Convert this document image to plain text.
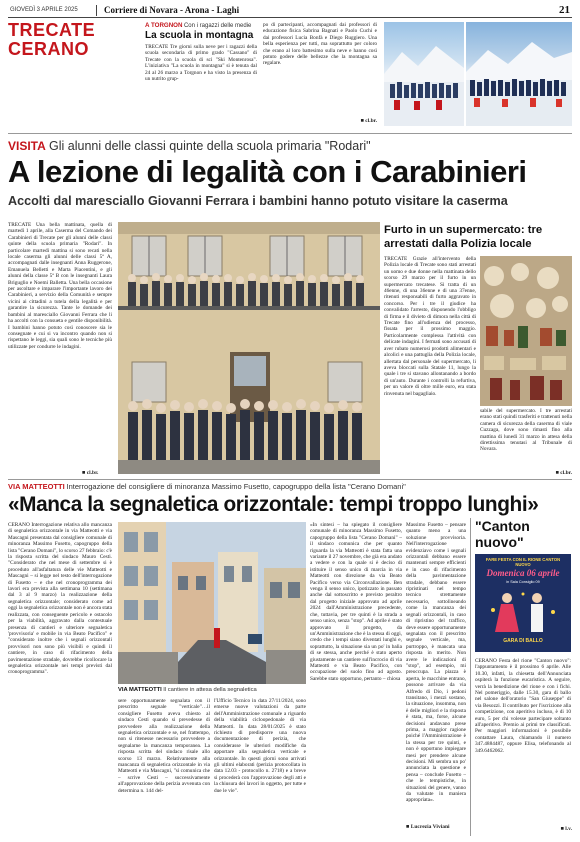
GIOVEDÌ 3 APRILE 2025	Corriere di Novara - Arona - Laghi	21
TRECATE
CERANO
A TORGNON Con i ragazzi delle medie
La scuola in montagna
TRECATE Tre giorni sulla neve per i ragazzi della scuola secondaria di primo grado "Cassano" di Trecate con la scuola di sci "Ski Montenrosa". L'iniziativa "La scuola in montagna" si è tenuta dal 24 al 26 marzo a Torgnon e ha visto la presenza di un nutrito grup-
po di partecipanti, accompagnati dai professori di educazione fisica Sabrina Bagnati e Paolo Cuchi e dai professori Lucia Bonfà e Diego Ruggiero. Una bella esperienza per tutti, ma soprattutto per coloro che erano al loro battesimo sulla neve e hanno così potuto godere delle bellezze che la montagna sa regalare.
■ cl.br.
VISITA Gli alunni delle classi quinte della scuola primaria "Rodari"
A lezione di legalità con i Carabinieri
Accolti dal maresciallo Giovanni Ferrara i bambini hanno potuto visitare la caserma
TRECATE Una bella mattinata, quella di martedì 1 aprile, alla Caserma del Comando dei Carabinieri di Trecate per gli alunni delle classi quinte della scuola primaria "Rodari". In particolare martedì mattina si sono recati nella locale caserma gli alunni delle classi 5ª A, accompagnati dalle insegnanti Anna Ruggerone, Emanuela Belletti e Marta Piacentini, e gli alunni della classe 5ª B con le insegnanti Laura Briguglio e Noemi Balletta. Una bella occasione per ascoltare e imparare l'importante lavoro dei Carabinieri, a servizio della Comunità e sempre vicini ai cittadini a tutela della legalità e per garantire la sicurezza. Tante le domande dei bambini al maresciallo Giovanni Ferrara che li ha accolti con la consueta e gentile disponibilità. I bambini hanno potuto così conoscere sia le consegnate e cui si va incontro quando non si rispettano le leggi, sia quali sono le tecniche più utilizzate per condurre le indagini.
■ cl.br.
Furto in un supermercato: tre arrestati dalla Polizia locale
TRECATE Grazie all'intervento della Polizia locale di Trecate sono stati arrestati un uomo e due donne nella mattinata dello scorso 29 marzo per il furto in un supermercato trecatese. Si tratta di un 46enne, di una 36enne e di una 37enne, ritenuti responsabili di furto aggravato in concorso. Per i tre il giudice ha convalidato l'arresto, disponendo l'obbligo di firma e il divieto di dimora nella città di Trecate fino all'udienza del processo, fissata per il prossimo maggio. Particolarmente complessa l'attività con delicate indagini. I fermati sono accusati di aver rubato numerosi prodotti alimentari e alcolici e una pattuglia della Polizia locale, allertata dal personale del supermercato, li aveva bloccati sulla Statale 11, lungo la quale i tre si stavano allontanando a bordo di un'auto. Durante i controlli la refurtiva, per un valore di oltre mille euro, era stata rinvenuta nel bagagliaio.
sabile del supermercato. I tre arrestati erano stati quindi trasferiti e trattenuti nella camera di sicurezza della caserma di viale Cuzzaga, dove sono rimasti fino alla mattina di lunedì 31 marzo in attesa della direttissima tenutasi al Tribunale di Novara.
■ cl.br.
VIA MATTEOTTI Interrogazione del consigliere di minoranza Massimo Fusetto, capogruppo della lista "Cerano Domani"
«Manca la segnaletica orizzontale: tempi troppo lunghi»
CERANO Interrogazione relativa allo mancanza di segnaletica orizzontale in via Matteotti e via Mascagni presentata dal consigliere comunale di minoranza Massimo Fusetto, capogruppo della lista "Cerano Domani", lo scorso 27 febbraio: c'è la risposta scritta del sindaco Mauro Cesti. "Considerato che nel mese di settembre si è proceduto all'asfaltatura delle vie Matteotti e Mascagni – si legge nel testo dell'interrogazione di Fusetto – e che nel cronoprogramma dei lavori era prevista alla settimana 10 (settimana dal 3 al 9 marzo) la realizzazione della segnaletica orizzontale; considerato come ad oggi la segnaletica orizzontale non è ancora stata realizzata, con conseguente pericolo e ostacolo per la viabilità, aggravato dalla contestuale presenza di cantieri e ulteriore segnaletica 'provvisoria' e mobile in via Beato Pacifico" e "considerato inoltre che i segnali orizzontali provvisori non sono più visibili e quindi il cantiere, in caso di rifacimento della pavimentazione stradale, dovrebbe ricollocare la segnaletica orizzontale nei tempi previsti dal cronoprogramma".
VIA MATTEOTTI Il cantiere in attesa della segnaletica
sere opportunamente segnalata con il prescritto segnale "verticale"…il consigliere Fusetto aveva chiesto al sindaco Cesti quando si prevedesse di provvedere alla realizzazione della segnaletica orizzontale e se, nel frattempo, non si ritenesse necessario provvedere a segnalarne la mancanza temporanea. La risposta scritta del sindaco risale allo scorso 13 marzo. Relativamente alla mancanza di segnaletica orizzontale in via Matteotti e via Mascagni, "si comunica che – scrive Cesti – successivamente all'approvazione della perizia avvenuta con determina n. 144 del-
l'Ufficio Tecnico in data 27/11/2024, sono emerse nuove valutazioni da parte dell'Amministrazione comunale a riguardo della viabilità cicloopedonale di via Matteotti. In data 28/01/2025 è stato richiesto di predisporre una nuova documentazione di perizia, che considerasse le ulteriori modifiche da apportare alla segnaletica verticale e orizzontale. In questi giorni sono arrivati gli ultimi elaborati (perizia protocollata in data 12.03 - protocollo n. 2718) e a breve si procederà con l'approvazione degli atti e la chiusura dei lavori in oggetto, per tutte e due le vie".
«In sintesi – ha spiegato il consigliere comunale di minoranza Massimo Fusetto, capogruppo della lista "Cerano Domani" – il sindaco comunica che per quanto riguarda la via Matteotti è stata fatta una variante il 27 novembre, che già era andato a vedere e con la quale si è deciso di istituire il senso unico di marcia in via Matteotti con direzione da via Beato Pacifico verso via Circonvallazione. Ben venga il senso unico, ipotizzato in passato anche dal sottoscritto e previsto peraltro dal progetto iniziale approvato ad aprile 2024 dall'Amministrazione precedente, che, tuttavia, per tre quinti è la strada a senso unico, senza "stop". Ad aprile è stato approvato il progetto, da un'Amministrazione che è la stessa di oggi, credo che i tempi siano diventati lunghi e, soprattutto, la situazione sia un po' in balia di se stessa, anche perché è stato aperto giustamente un cantiere sull'incrocio di via Matteotti e via Beato Pacifico, con occupazione del suolo fino ad agosto. Sarebbe stato opportuno, pertanto – chiosa
Massimo Fusetto – pensare quanto meno a una soluzione provvisoria. Nell'interrogazione evidenziavo come i segnali orizzontali debbano essere mantenuti sempre efficienti e in caso di rifacimento della pavimentazione stradale, debbano essere ripristinati nel tempo tecnico strettamente necessario, sottolineando come la mancanza dei segnali orizzontali, in caso di ripristino del traffico, deve essere opportunamente segnalata con il prescritto segnale verticale, ma, purtroppo, è mancata una risposta in merito. Non avere le indicazioni di "stop", ad esempio, mi preoccupa. La piazza è aperta, le macchine entrano, possono arrivare da via Alfredo di Dio, i pedoni transitano, i mezzi sostano, la situazione, insomma, non è delle migliori e la risposta è stata, ma, forse, alcune decisioni andavano prese prima, a maggior ragione poiché l'Amministrazione è la stessa per tre quinti, e non è opportuno impiegare mesi per prendere alcune decisioni. Mi sembra un po' annunciata la questione e pensa – conclude Fusetto – che le tempistiche, in situazioni del genere, vanno da valutate in maniera appropriata».
■ Lucrezia Viviani
"Canton nuovo"
FARE FESTA CON IL RIONE CANTON NUOVO
Domenica 06 aprile
in Sala Consiglio 09
GARA DI BALLO
CERANO Festa del rione "Canton nuovo": l'appuntamento è il prossimo 6 aprile. Alle 10.30, infatti, la chiesetta dell'Annunciata ospiterà la funzione eucaristica. A seguire, verrà la benedizione del rione e con i fichi. Nel pomeriggio, dalle 15.30, gara di ballo nel salone dell'oratorio "San Giuseppe" di via Besozzi. Il contributo per l'iscrizione alla competizione, con aperitivo incluso, è di 10 euro, 5 per chi volesse partecipare soltanto all'aperitivo. Premio ai primi tre classificati. Per maggiori informazioni è possibile contattare Laura, chiamando il numero 347.4884487, oppure Elisa, telefonando al 349.6462062.
■ l.v.
